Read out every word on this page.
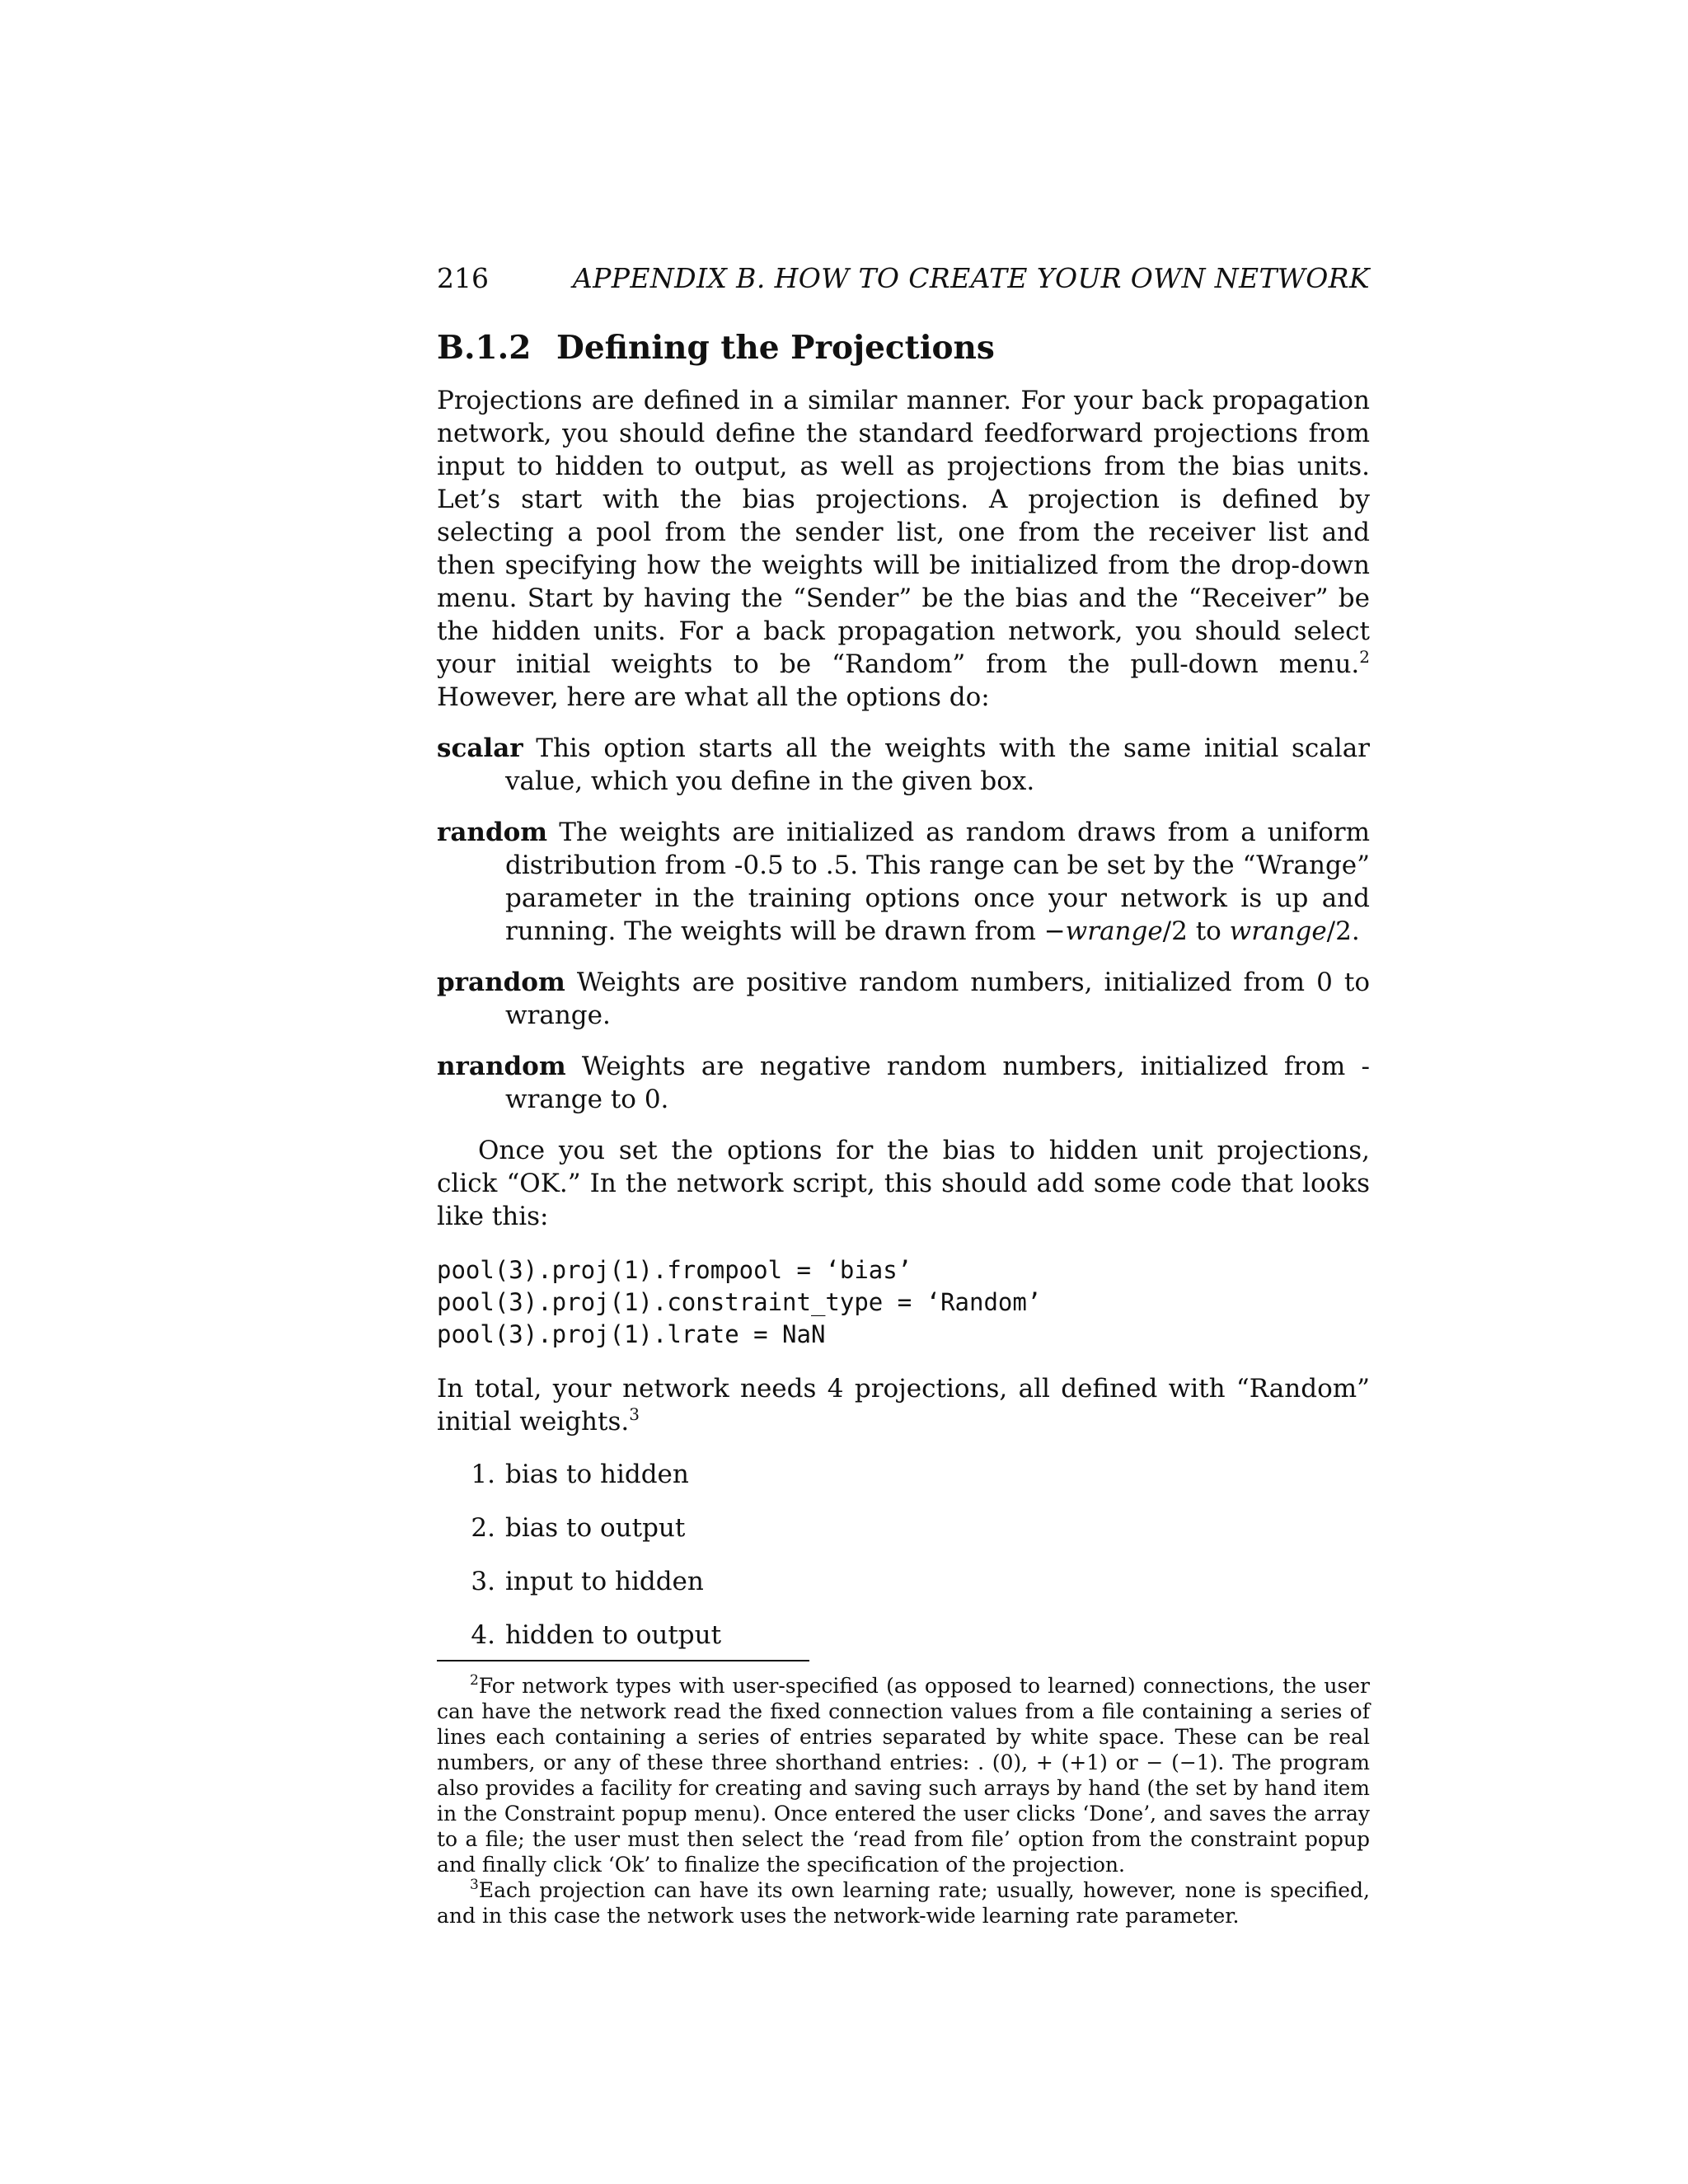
216	APPENDIX B. HOW TO CREATE YOUR OWN NETWORK
B.1.2 Defining the Projections

Projections are defined in a similar manner. For your back propagation network, you should define the standard feedforward projections from input to hidden to output, as well as projections from the bias units. Let’s start with the bias projections. A projection is defined by selecting a pool from the sender list, one from the receiver list and then specifying how the weights will be initialized from the drop-down menu. Start by having the “Sender” be the bias and the “Receiver” be the hidden units. For a back propagation network, you should select your initial weights to be “Random” from the pull-down menu.$^2$ However, here are what all the options do:

scalar This option starts all the weights with the same initial scalar value, which you define in the given box.
random The weights are initialized as random draws from a uniform distribution from -0.5 to .5. This range can be set by the “Wrange” parameter in the training options once your network is up and running. The weights will be drawn from −wrange/2 to wrange/2.
prandom Weights are positive random numbers, initialized from 0 to wrange.
nrandom Weights are negative random numbers, initialized from -wrange to 0.

Once you set the options for the bias to hidden unit projections, click “OK.” In the network script, this should add some code that looks like this:

pool(3).proj(1).frompool = ‘bias’
pool(3).proj(1).constraint_type = ‘Random’
pool(3).proj(1).lrate = NaN

In total, your network needs 4 projections, all defined with “Random” initial weights.$^3$

1. bias to hidden
2. bias to output
3. input to hidden
4. hidden to output

$^2$For network types with user-specified (as opposed to learned) connections, the user can have the network read the fixed connection values from a file containing a series of lines each containing a series of entries separated by white space. These can be real numbers, or any of these three shorthand entries: . (0), + (+1) or − (−1). The program also provides a facility for creating and saving such arrays by hand (the set by hand item in the Constraint popup menu). Once entered the user clicks ‘Done’, and saves the array to a file; the user must then select the ‘read from file’ option from the constraint popup and finally click ‘Ok’ to finalize the specification of the projection.

$^3$Each projection can have its own learning rate; usually, however, none is specified, and in this case the network uses the network-wide learning rate parameter.
